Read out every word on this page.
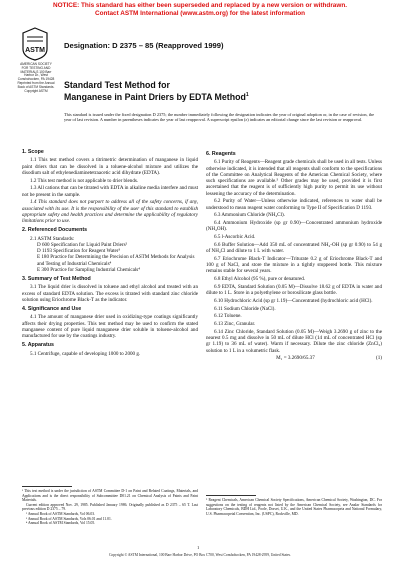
NOTICE: This standard has either been superseded and replaced by a new version or withdrawn.
Contact ASTM International (www.astm.org) for the latest information
ASTM
AMERICAN SOCIETY FOR TESTING AND MATERIALS 100 Barr Harbor Dr., West Conshohocken, PA 19428 Reprinted from the Annual Book of ASTM Standards. Copyright ASTM
Designation: D 2375 – 85 (Reapproved 1999)
Standard Test Method for
Manganese in Paint Driers by EDTA Method$^1$
This standard is issued under the fixed designation D 2375; the number immediately following the designation indicates the year of original adoption or, in the case of revision, the year of last revision. A number in parentheses indicates the year of last reapproval. A superscript epsilon (ε) indicates an editorial change since the last revision or reapproval.
1. Scope
1.1 This test method covers a titrimetric determination of manganese in liquid paint driers that can be dissolved in a toluene-alcohol mixture and utilizes the disodium salt of ethylenediaminetetraacetic acid dihydrate (EDTA).
1.2 This test method is not applicable to drier blends.
1.3 All cations that can be titrated with EDTA in alkaline media interfere and must not be present in the sample.
1.4 This standard does not purport to address all of the safety concerns, if any, associated with its use. It is the responsibility of the user of this standard to establish appropriate safety and health practices and determine the applicability of regulatory limitations prior to use.
2. Referenced Documents
2.1 ASTM Standards:
D 600 Specification for Liquid Paint Driers²
D 1193 Specification for Reagent Water³
E 180 Practice for Determining the Precision of ASTM Methods for Analysis and Testing of Industrial Chemicals⁴
E 300 Practice for Sampling Industrial Chemicals⁴
3. Summary of Test Method
3.1 The liquid drier is dissolved in toluene and ethyl alcohol and treated with an excess of standard EDTA solution. The excess is titrated with standard zinc chloride solution using Eriochrome Black-T as the indicator.
4. Significance and Use
4.1 The amount of manganese drier used in oxidizing-type coatings significantly affects their drying properties. This test method may be used to confirm the stated manganese content of pure liquid manganese drier soluble in toluene-alcohol and manufactured for use by the coatings industry.
5. Apparatus
5.1 Centrifuge, capable of developing 1000 to 2000 g.
¹ This test method is under the jurisdiction of ASTM Committee D-1 on Paint and Related Coatings, Materials, and Applications and is the direct responsibility of Subcommittee D01.21 on Chemical Analysis of Paints and Paint Materials.
Current edition approved Nov. 29, 1985. Published January 1986. Originally published as D 2375 – 65 T. Last previous edition D 2375 – 79.
² Annual Book of ASTM Standards, Vol 06.03.
³ Annual Book of ASTM Standards, Vols 06.01 and 11.01.
⁴ Annual Book of ASTM Standards, Vol 15.05.
6. Reagents
6.1 Purity of Reagents—Reagent grade chemicals shall be used in all tests. Unless otherwise indicated, it is intended that all reagents shall conform to the specifications of the Committee on Analytical Reagents of the American Chemical Society, where such specifications are available.⁵ Other grades may be used, provided it is first ascertained that the reagent is of sufficiently high purity to permit its use without lessening the accuracy of the determination.
6.2 Purity of Water—Unless otherwise indicated, references to water shall be understood to mean reagent water conforming to Type II of Specification D 1193.
6.3 Ammonium Chloride (NH₄Cl).
6.4 Ammonium Hydroxide (sp gr 0.90)—Concentrated ammonium hydroxide (NH₄OH).
6.5 l-Ascorbic Acid.
6.6 Buffer Solution—Add 350 mL of concentrated NH₄-OH (sp gr 0.90) to 54 g of NH₄Cl and dilute to 1 L with water.
6.7 Eriochrome Black-T Indicator—Triturate 0.2 g of Eriochrome Black-T and 100 g of NaCl, and store the mixture in a tightly stoppered bottle. This mixture remains stable for several years.
6.8 Ethyl Alcohol (95 %), pure or denatured.
6.9 EDTA, Standard Solution (0.05 M)—Dissolve 18.62 g of EDTA in water and dilute to 1 L. Store in a polyethylene or borosilicate glass bottle.
6.10 Hydrochloric Acid (sp gr 1.19)—Concentrated (hydrochloric acid (HCl).
6.11 Sodium Chloride (NaCl).
6.12 Toluene.
6.13 Zinc, Granular.
6.14 Zinc Chloride, Standard Solution (0.05 M)—Weigh 3.2690 g of zinc to the nearest 0.5 mg and dissolve in 50 mL of dilute HCl (14 mL of concentrated HCl (sp gr 1.19) to 36 mL of water). Warm if necessary. Dilute the zinc chloride (ZnCl₂) solution to 1 L in a volumetric flask.
M₁ = 3.2690/65.37	(1)
⁵ Reagent Chemicals, American Chemical Society Specifications, American Chemical Society, Washington, DC. For suggestions on the testing of reagents not listed by the American Chemical Society, see Analar Standards for Laboratory Chemicals, BDH Ltd., Poole, Dorset, U.K., and the United States Pharmacopeia and National Formulary, U.S. Pharmacopeial Convention, Inc. (USPC), Rockville, MD.
1
Copyright © ASTM International, 100 Barr Harbor Drive, PO Box C700, West Conshohocken, PA 19428-2959, United States.
